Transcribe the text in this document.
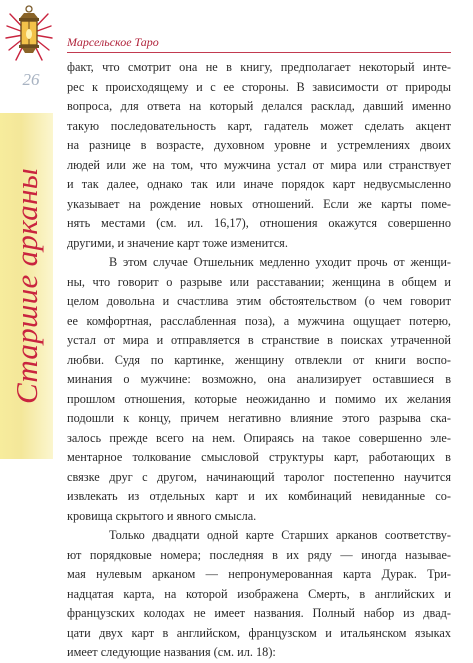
Марсельское Таро
26
Старшие арканы
факт, что смотрит она не в книгу, предполагает некоторый инте-
рес к происходящему и с ее стороны. В зависимости от природы
вопроса, для ответа на который делался расклад, давший именно
такую последовательность карт, гадатель может сделать акцент
на разнице в возрасте, духовном уровне и устремлениях двоих
людей или же на том, что мужчина устал от мира или странствует
и так далее, однако так или иначе порядок карт недвусмысленно
указывает на рождение новых отношений. Если же карты поме-
нять местами (см. ил. 16,17), отношения окажутся совершенно
другими, и значение карт тоже изменится.
В этом случае Отшельник медленно уходит прочь от женщи-
ны, что говорит о разрыве или расставании; женщина в общем и
целом довольна и счастлива этим обстоятельством (о чем говорит
ее комфортная, расслабленная поза), а мужчина ощущает потерю,
устал от мира и отправляется в странствие в поисках утраченной
любви. Судя по картинке, женщину отвлекли от книги воспо-
минания о мужчине: возможно, она анализирует оставшиеся в
прошлом отношения, которые неожиданно и помимо их желания
подошли к концу, причем негативно влияние этого разрыва ска-
залось прежде всего на нем. Опираясь на такое совершенно эле-
ментарное толкование смысловой структуры карт, работающих в
связке друг с другом, начинающий таролог постепенно научится
извлекать из отдельных карт и их комбинаций невиданные со-
кровища скрытого и явного смысла.
Только двадцати одной карте Старших арканов соответству-
ют порядковые номера; последняя в их ряду — иногда называе-
мая нулевым арканом — непронумерованная карта Дурак. Три-
надцатая карта, на которой изображена Смерть, в английских и
французских колодах не имеет названия. Полный набор из двад-
цати двух карт в английском, французском и итальянском языках
имеет следующие названия (см. ил. 18):
